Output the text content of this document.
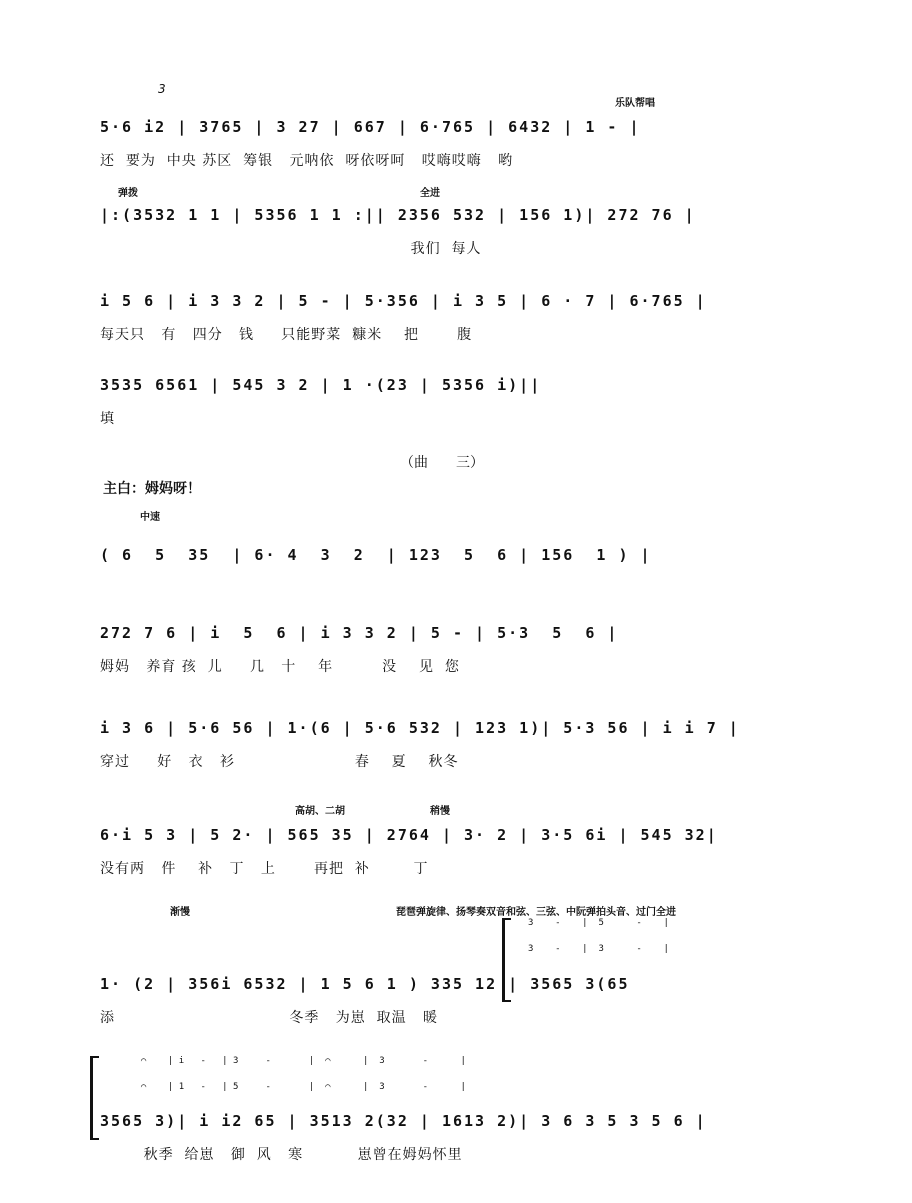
3
5·6 i2 | 3765 | 3 27 | 667 | 6·765 | 6432 | 1 - |
还  要为  中央 苏区  筹银   元呐依  呀依呀呵   哎嗨哎嗨   哟
乐队帮唱
|:(3532 1 1 | 5356 1 1 :|| 2356 532 | 156 1)| 272 76 |
我们  每人
弹拨	全进
i 5 6 | i 3 3 2 | 5 - | 5·356 | i 3 5 | 6 · 7 | 6·765 |
每天只   有   四分   钱     只能野菜  糠米    把       腹
3535 6561 | 545 3 2 | 1 ·(23 | 5356 i)||
填
( 6  5  35  | 6· 4  3  2  | 123  5  6 | 156  1 ) |
中速
272 7 6 | i  5  6 | i 3 3 2 | 5 - | 5·3  5  6 |
姆妈   养育 孩  儿     几   十    年         没    见  您
i 3 6 | 5·6 56 | 1·(6 | 5·6 532 | 123 1)| 5·3 56 | i i 7 |
穿过     好   衣   衫                      春    夏    秋冬
6·i 5 3 | 5 2· | 565 35 | 2764 | 3· 2 | 3·5 6i | 545 32|
没有两   件    补   丁   上       再把  补        丁
高胡、二胡	稍慢
1· (2 | 356i 6532 | 1 5 6 1 ) 335 12 | 3565 3(65
添                                冬季   为崽  取温   暖
渐慢	琵琶弹旋律、扬琴奏双音和弦、三弦、中阮弹拍头音、过门全进
3565 3)| i i2 65 | 3513 2(32 | 1613 2)| 3 6 3 5 3 5 6 |
秋季  给崽   御  风   寒          崽曾在姆妈怀里
（曲　　三）
主白：姆妈呀！
3    -    |  5      -    |
3    -    |  3      -    |
⌒    | i   -   | 3     -       |  ⌒      |  3       -      |
⌒    | 1   -   | 5     -       |  ⌒      |  3       -      |
